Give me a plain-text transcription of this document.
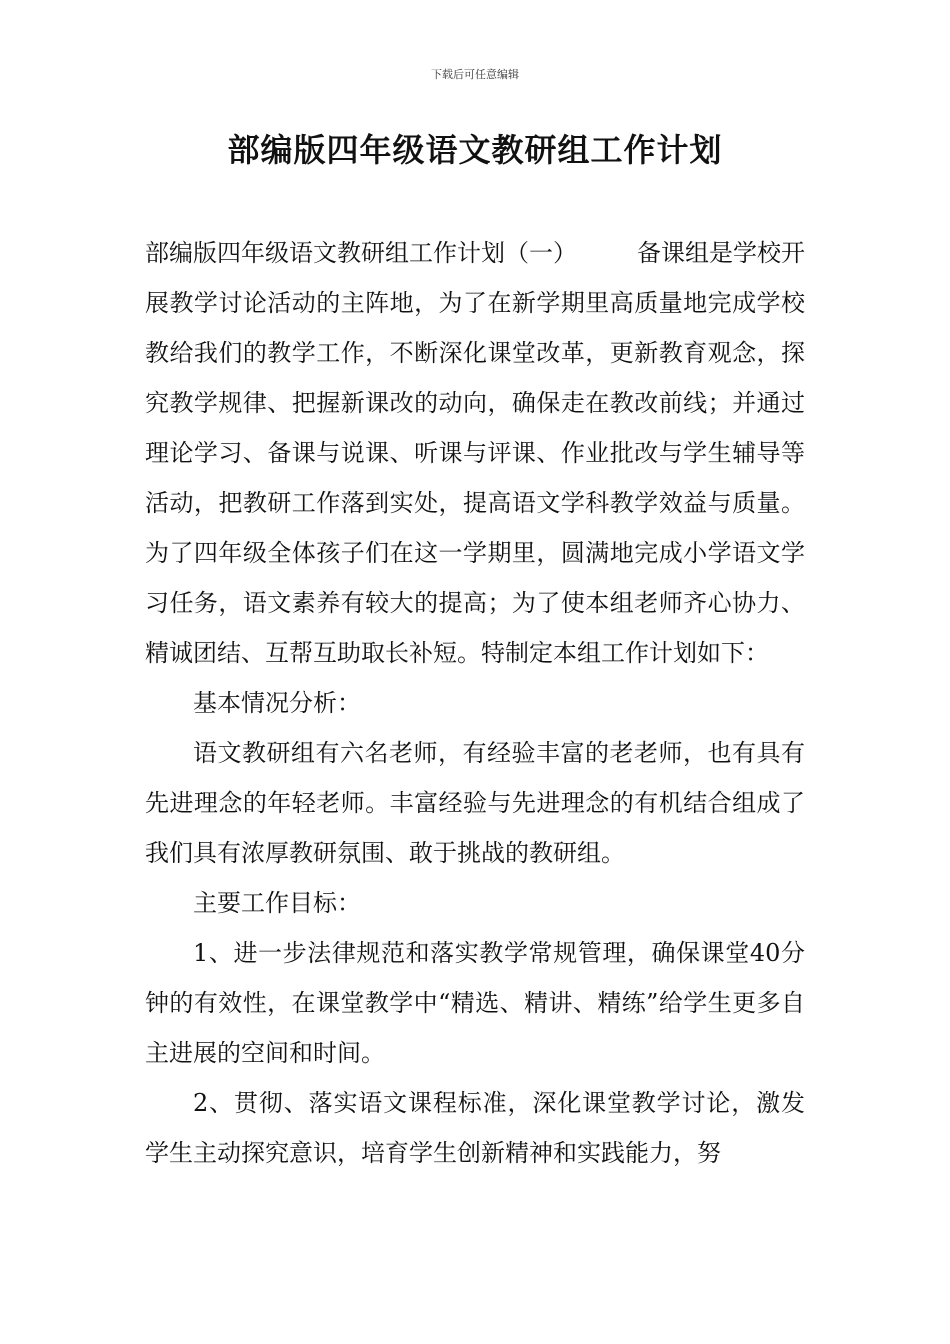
下载后可任意编辑
部编版四年级语文教研组工作计划

部编版四年级语文教研组工作计划（一）	备课组是学校开展教学讨论活动的主阵地，为了在新学期里高质量地完成学校教给我们的教学工作，不断深化课堂改革，更新教育观念，探究教学规律、把握新课改的动向，确保走在教改前线；并通过理论学习、备课与说课、听课与评课、作业批改与学生辅导等活动，把教研工作落到实处，提高语文学科教学效益与质量。为了四年级全体孩子们在这一学期里，圆满地完成小学语文学习任务，语文素养有较大的提高；为了使本组老师齐心协力、精诚团结、互帮互助取长补短。特制定本组工作计划如下：

基本情况分析：

语文教研组有六名老师，有经验丰富的老老师，也有具有先进理念的年轻老师。丰富经验与先进理念的有机结合组成了我们具有浓厚教研氛围、敢于挑战的教研组。

主要工作目标：

1、进一步法律规范和落实教学常规管理，确保课堂40分钟的有效性，在课堂教学中“精选、精讲、精练”给学生更多自主进展的空间和时间。

2、贯彻、落实语文课程标准，深化课堂教学讨论，激发学生主动探究意识，培育学生创新精神和实践能力，努
